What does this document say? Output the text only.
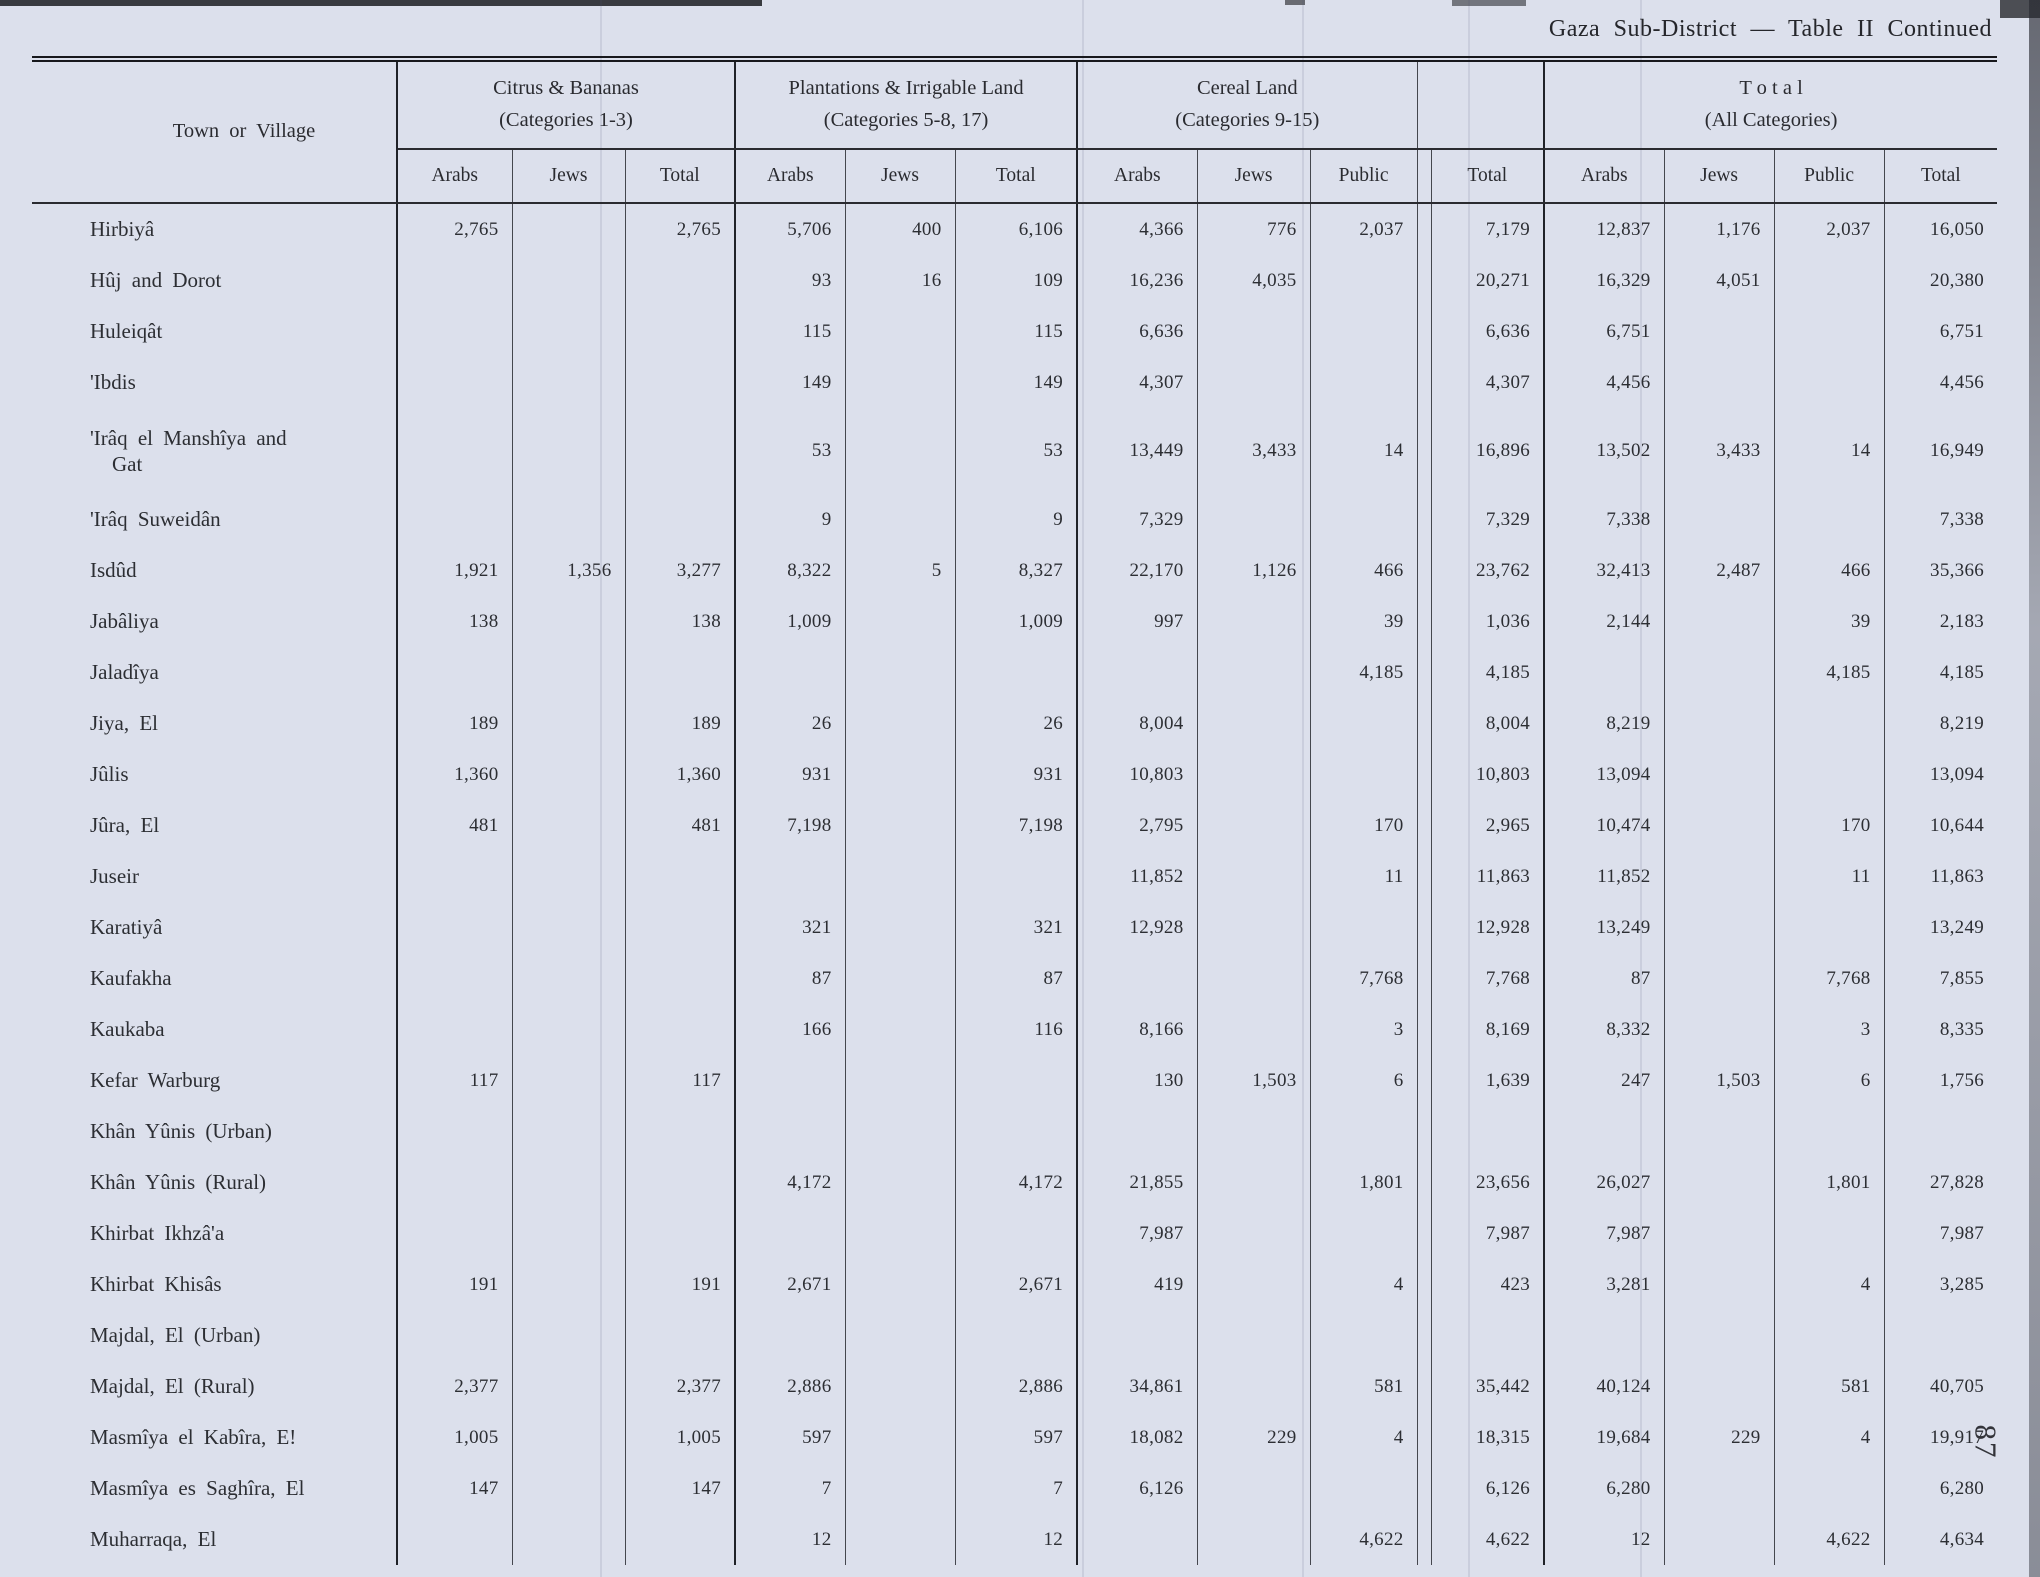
Gaza Sub-District — Table II Continued
Town or Village	
Citrus & Bananas
(Categories 1-3)

Plantations & Irrigable Land
(Categories 5-8, 17)

Cereal Land
(Categories 9-15)

T o t a l
(All Categories)

	Arabs	Jews	Total	Arabs	Jews	Total	Arabs	Jews	Public		Total	Arabs	Jews	Public	Total
Hirbiyâ	2,765		2,765	5,706	400	6,106	4,366	776	2,037		7,179	12,837	1,176	2,037	16,050
Hûj and Dorot				93	16	109	16,236	4,035			20,271	16,329	4,051		20,380
Huleiqât				115		115	6,636				6,636	6,751			6,751
'Ibdis				149		149	4,307				4,307	4,456			4,456
'Irâq el Manshîya and
Gat				53		53	13,449	3,433	14		16,896	13,502	3,433	14	16,949
'Irâq Suweidân				9		9	7,329				7,329	7,338			7,338
Isdûd	1,921	1,356	3,277	8,322	5	8,327	22,170	1,126	466		23,762	32,413	2,487	466	35,366
Jabâliya	138		138	1,009		1,009	997		39		1,036	2,144		39	2,183
Jaladîya									4,185		4,185			4,185	4,185
Jiya, El	189		189	26		26	8,004				8,004	8,219			8,219
Jûlis	1,360		1,360	931		931	10,803				10,803	13,094			13,094
Jûra, El	481		481	7,198		7,198	2,795		170		2,965	10,474		170	10,644
Juseir							11,852		11		11,863	11,852		11	11,863
Karatiyâ				321		321	12,928				12,928	13,249			13,249
Kaufakha				87		87			7,768		7,768	87		7,768	7,855
Kaukaba				166		116	8,166		3		8,169	8,332		3	8,335
Kefar Warburg	117		117				130	1,503	6		1,639	247	1,503	6	1,756
Khân Yûnis (Urban)															
Khân Yûnis (Rural)				4,172		4,172	21,855		1,801		23,656	26,027		1,801	27,828
Khirbat Ikhzâ'a							7,987				7,987	7,987			7,987
Khirbat Khisâs	191		191	2,671		2,671	419		4		423	3,281		4	3,285
Majdal, El (Urban)															
Majdal, El (Rural)	2,377		2,377	2,886		2,886	34,861		581		35,442	40,124		581	40,705
Masmîya el Kabîra, E!	1,005		1,005	597		597	18,082	229	4		18,315	19,684	229	4	19,917
Masmîya es Saghîra, El	147		147	7		7	6,126				6,126	6,280			6,280
Muharraqa, El				12		12			4,622		4,622	12		4,622	4,634
87
